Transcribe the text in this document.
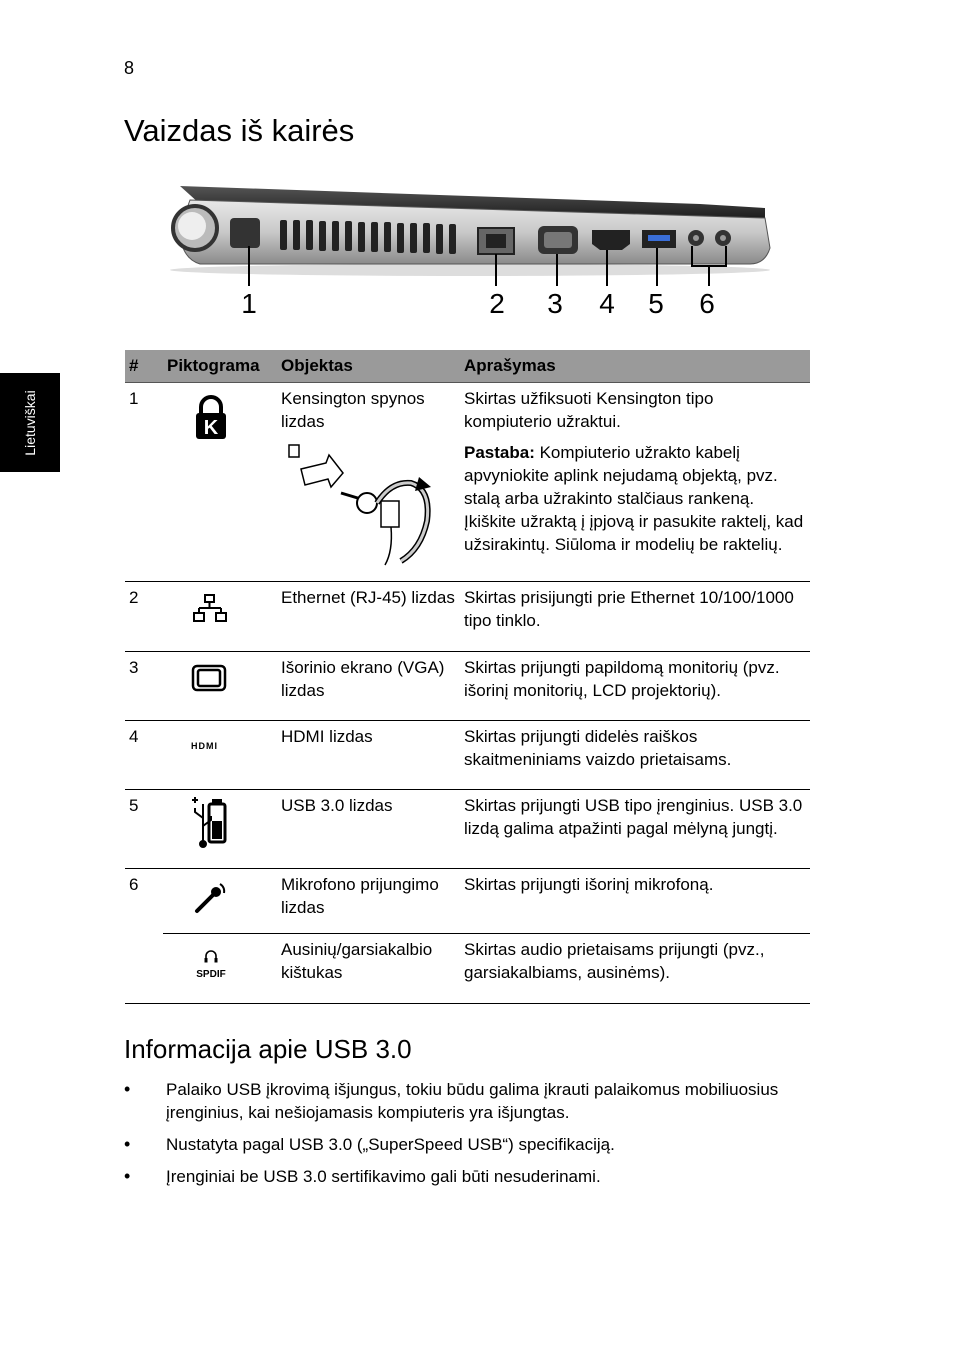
8
Lietuviškai
Vaizdas iš kairės
1	2 3 4 5 6
#	Piktograma	Objektas	Aprašymas
1	K	Kensington spynos lizdas	Skirtas užfiksuoti Kensington tipo kompiuterio užraktui.

Pastaba: Kompiuterio užrakto kabelį apvyniokite aplink nejudamą objektą, pvz. stalą arba užrakinto stalčiaus rankeną. Įkiškite užraktą į įpjovą ir pasukite raktelį, kad užsirakintų. Siūloma ir modelių be raktelių.

2		Ethernet (RJ-45) lizdas	Skirtas prisijungti prie Ethernet 10/100/1000 tipo tinklo.
3		Išorinio ekrano (VGA) lizdas	Skirtas prijungti papildomą monitorių (pvz. išorinį monitorių, LCD projektorių).
4	HDMI	HDMI lizdas	Skirtas prijungti didelės raiškos skaitmeniniams vaizdo prietaisams.
5		USB 3.0 lizdas	Skirtas prijungti USB tipo įrenginius. USB 3.0 lizdą galima atpažinti pagal mėlyną jungtį.
6		Mikrofono prijungimo lizdas	Skirtas prijungti išorinį mikrofoną.

	SPDIF	Ausinių/garsiakalbio kištukas	Skirtas audio prietaisams prijungti (pvz., garsiakalbiams, ausinėms).
Informacija apie USB 3.0
• Palaiko USB įkrovimą išjungus, tokiu būdu galima įkrauti palaikomus mobiliuosius įrenginius, kai nešiojamasis kompiuteris yra išjungtas.
• Nustatyta pagal USB 3.0 („SuperSpeed USB“) specifikaciją.
• Įrenginiai be USB 3.0 sertifikavimo gali būti nesuderinami.
